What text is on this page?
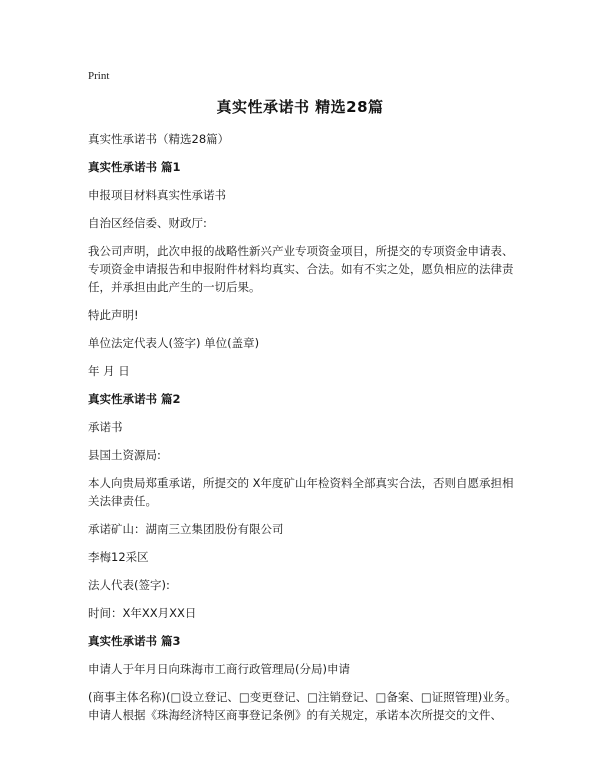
Print
真实性承诺书 精选28篇

真实性承诺书（精选28篇）

真实性承诺书 篇1

申报项目材料真实性承诺书

自治区经信委、财政厅:

我公司声明，此次申报的战略性新兴产业专项资金项目，所提交的专项资金申请表、专项资金申请报告和申报附件材料均真实、合法。如有不实之处，愿负相应的法律责任，并承担由此产生的一切后果。

特此声明!

单位法定代表人(签字) 单位(盖章)

年 月 日

真实性承诺书 篇2

承诺书

县国土资源局:

本人向贵局郑重承诺，所提交的 X年度矿山年检资料全部真实合法，否则自愿承担相关法律责任。

承诺矿山：湖南三立集团股份有限公司

李梅12采区

法人代表(签字):

时间：X年XX月XX日

真实性承诺书 篇3

申请人于年月日向珠海市工商行政管理局(分局)申请

(商事主体名称)(□设立登记、□变更登记、□注销登记、□备案、□证照管理)业务。申请人根据《珠海经济特区商事登记条例》的有关规定，承诺本次所提交的文件、
